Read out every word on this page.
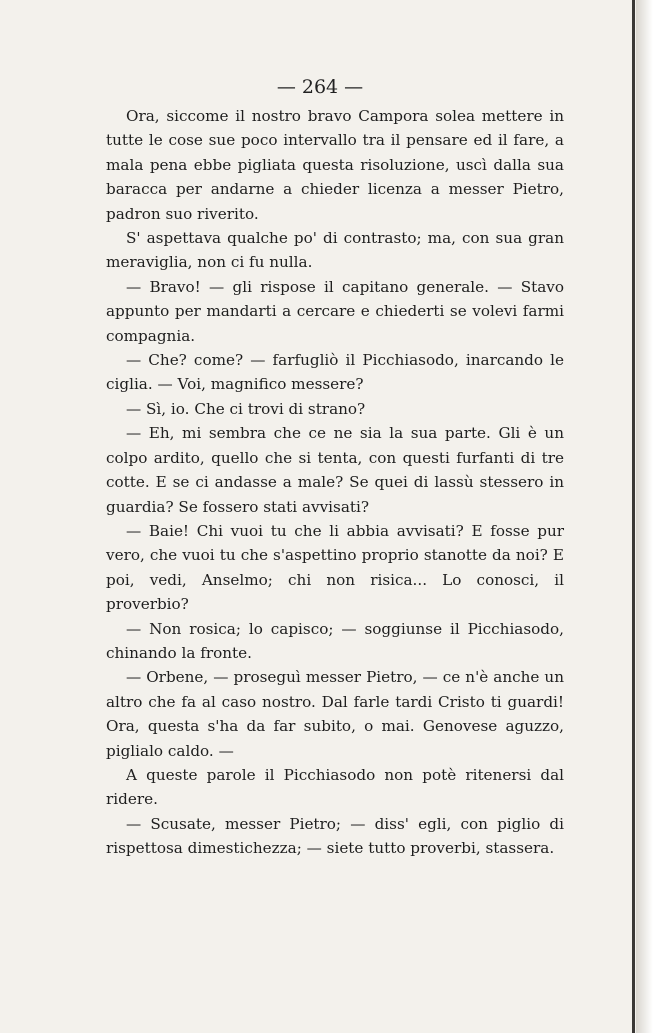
— 264 —

Ora, siccome il nostro bravo Campora solea mettere in tutte le cose sue poco intervallo tra il pensare ed il fare, a mala pena ebbe pigliata questa risoluzione, uscì dalla sua baracca per andarne a chieder licenza a messer Pietro, padron suo riverito.

S' aspettava qualche po' di contrasto; ma, con sua gran meraviglia, non ci fu nulla.

— Bravo! — gli rispose il capitano generale. — Stavo appunto per mandarti a cercare e chiederti se volevi farmi compagnia.

— Che? come? — farfugliò il Picchiasodo, inarcando le ciglia. — Voi, magnifico messere?

— Sì, io. Che ci trovi di strano?

— Eh, mi sembra che ce ne sia la sua parte. Gli è un colpo ardito, quello che si tenta, con questi furfanti di tre cotte. E se ci andasse a male? Se quei di lassù stessero in guardia? Se fossero stati avvisati?

— Baie! Chi vuoi tu che li abbia avvisati? E fosse pur vero, che vuoi tu che s'aspettino proprio stanotte da noi? E poi, vedi, Anselmo; chi non risica... Lo conosci, il proverbio?

— Non rosica; lo capisco; — soggiunse il Picchiasodo, chinando la fronte.

— Orbene, — proseguì messer Pietro, — ce n'è anche un altro che fa al caso nostro. Dal farle tardi Cristo ti guardi! Ora, questa s'ha da far subito, o mai. Genovese aguzzo, piglialo caldo. —

A queste parole il Picchiasodo non potè ritenersi dal ridere.

— Scusate, messer Pietro; — diss' egli, con piglio di rispettosa dimestichezza; — siete tutto proverbi, stassera.
